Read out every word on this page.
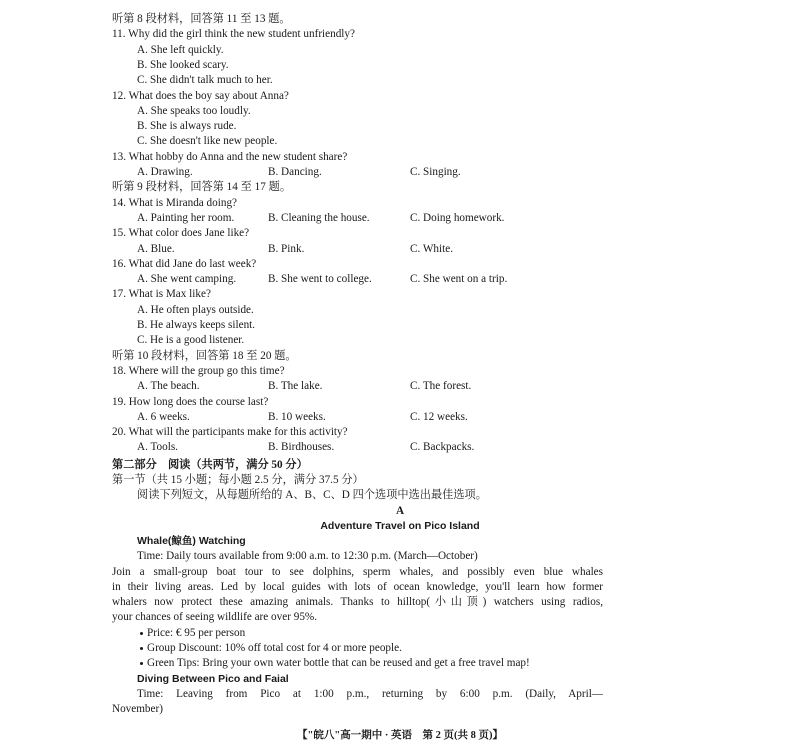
听第 8 段材料，回答第 11 至 13 题。
11. Why did the girl think the new student unfriendly?
A. She left quickly.
B. She looked scary.
C. She didn't talk much to her.
12. What does the boy say about Anna?
A. She speaks too loudly.
B. She is always rude.
C. She doesn't like new people.
13. What hobby do Anna and the new student share?
A. Drawing.	B. Dancing.	C. Singing.
听第 9 段材料，回答第 14 至 17 题。
14. What is Miranda doing?
A. Painting her room.	B. Cleaning the house.	C. Doing homework.
15. What color does Jane like?
A. Blue.	B. Pink.	C. White.
16. What did Jane do last week?
A. She went camping.	B. She went to college.	C. She went on a trip.
17. What is Max like?
A. He often plays outside.
B. He always keeps silent.
C. He is a good listener.
听第 10 段材料，回答第 18 至 20 题。
18. Where will the group go this time?
A. The beach.	B. The lake.	C. The forest.
19. How long does the course last?
A. 6 weeks.	B. 10 weeks.	C. 12 weeks.
20. What will the participants make for this activity?
A. Tools.	B. Birdhouses.	C. Backpacks.
第二部分　阅读（共两节，满分 50 分）
第一节（共 15 小题；每小题 2.5 分，满分 37.5 分）
阅读下列短文，从每题所给的 A、B、C、D 四个选项中选出最佳选项。
A
Adventure Travel on Pico Island
Whale(鲸鱼) Watching
Time: Daily tours available from 9:00 a.m. to 12:30 p.m. (March—October)
Join a small-group boat tour to see dolphins, sperm whales, and possibly even blue whales
in their living areas. Led by local guides with lots of ocean knowledge, you'll learn how former
whalers now protect these amazing animals. Thanks to hilltop(小山顶) watchers using radios,
your chances of seeing wildlife are over 95%.
Price: € 95 per person
Group Discount: 10% off total cost for 4 or more people.
Green Tips: Bring your own water bottle that can be reused and get a free travel map!
Diving Between Pico and Faial
Time: Leaving from Pico at 1:00 p.m., returning by 6:00 p.m. (Daily, April—
November)
【"皖八"高一期中 · 英语　第 2 页(共 8 页)】
